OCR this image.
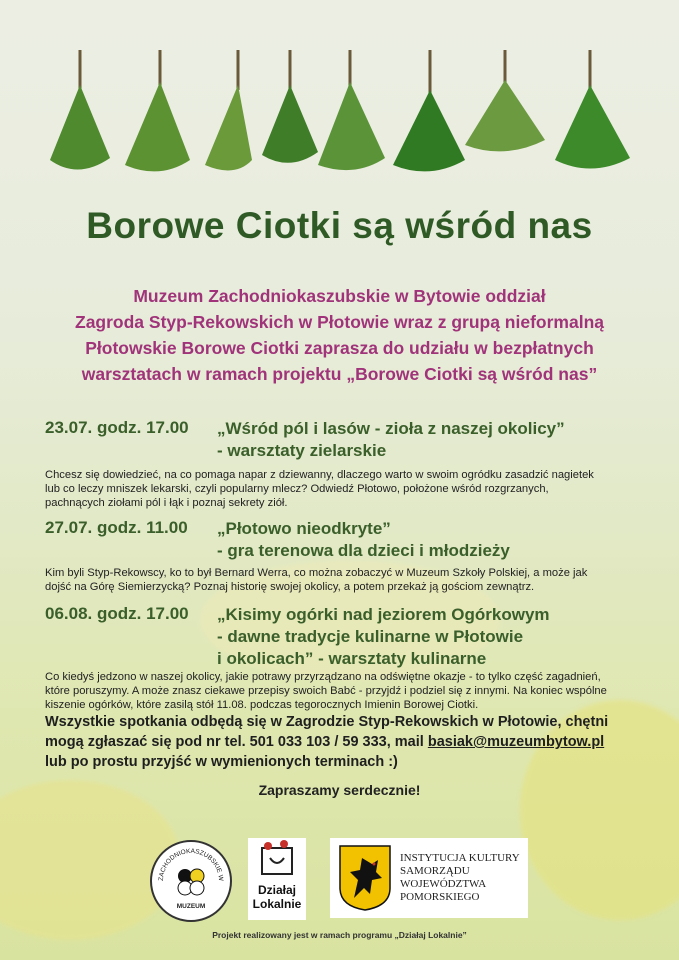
Borowe Ciotki są wśród nas
Muzeum Zachodniokaszubskie w Bytowie oddział
Zagroda Styp-Rekowskich w Płotowie wraz z grupą nieformalną
Płotowskie Borowe Ciotki zaprasza do udziału w bezpłatnych
warsztatach w ramach projektu „Borowe Ciotki są wśród nas”
23.07. godz. 17.00 „Wśród pól i lasów - zioła z naszej okolicy”
- warsztaty zielarskie
Chcesz się dowiedzieć, na co pomaga napar z dziewanny, dlaczego warto w swoim ogródku zasadzić nagietek
lub co leczy mniszek lekarski, czyli popularny mlecz? Odwiedź Płotowo, położone wśród rozgrzanych,
pachnących ziołami pól i łąk i poznaj sekrety ziół.
27.07. godz. 11.00 „Płotowo nieodkryte”
- gra terenowa dla dzieci i młodzieży
Kim byli Styp-Rekowscy, ko to był Bernard Werra, co można zobaczyć w Muzeum Szkoły Polskiej, a może jak
dojść na Górę Siemierzycką? Poznaj historię swojej okolicy, a potem przekaż ją gościom zewnątrz.
06.08. godz. 17.00 „Kisimy ogórki nad jeziorem Ogórkowym
- dawne tradycje kulinarne w Płotowie
i okolicach” - warsztaty kulinarne
Co kiedyś jedzono w naszej okolicy, jakie potrawy przyrządzano na odświętne okazje - to tylko część zagadnień,
które poruszymy. A może znasz ciekawe przepisy swoich Babć - przyjdź i podziel się z innymi. Na koniec wspólne
kiszenie ogórków, które zasilą stół 11.08. podczas tegorocznych Imienin Borowej Ciotki.
Wszystkie spotkania odbędą się w Zagrodzie Styp-Rekowskich w Płotowie, chętni
mogą zgłaszać się pod nr tel. 501 033 103 / 59 333, mail basiak@muzeumbytow.pl
lub po prostu przyjść w wymienionych terminach :)
Zapraszamy serdecznie!
ZACHODNIOKASZUBSKIE W
MUZEUM
Działaj
Lokalnie
INSTYTUCJA KULTURY
SAMORZĄDU
WOJEWÓDZTWA
POMORSKIEGO
Projekt realizowany jest w ramach programu „Działaj Lokalnie”
